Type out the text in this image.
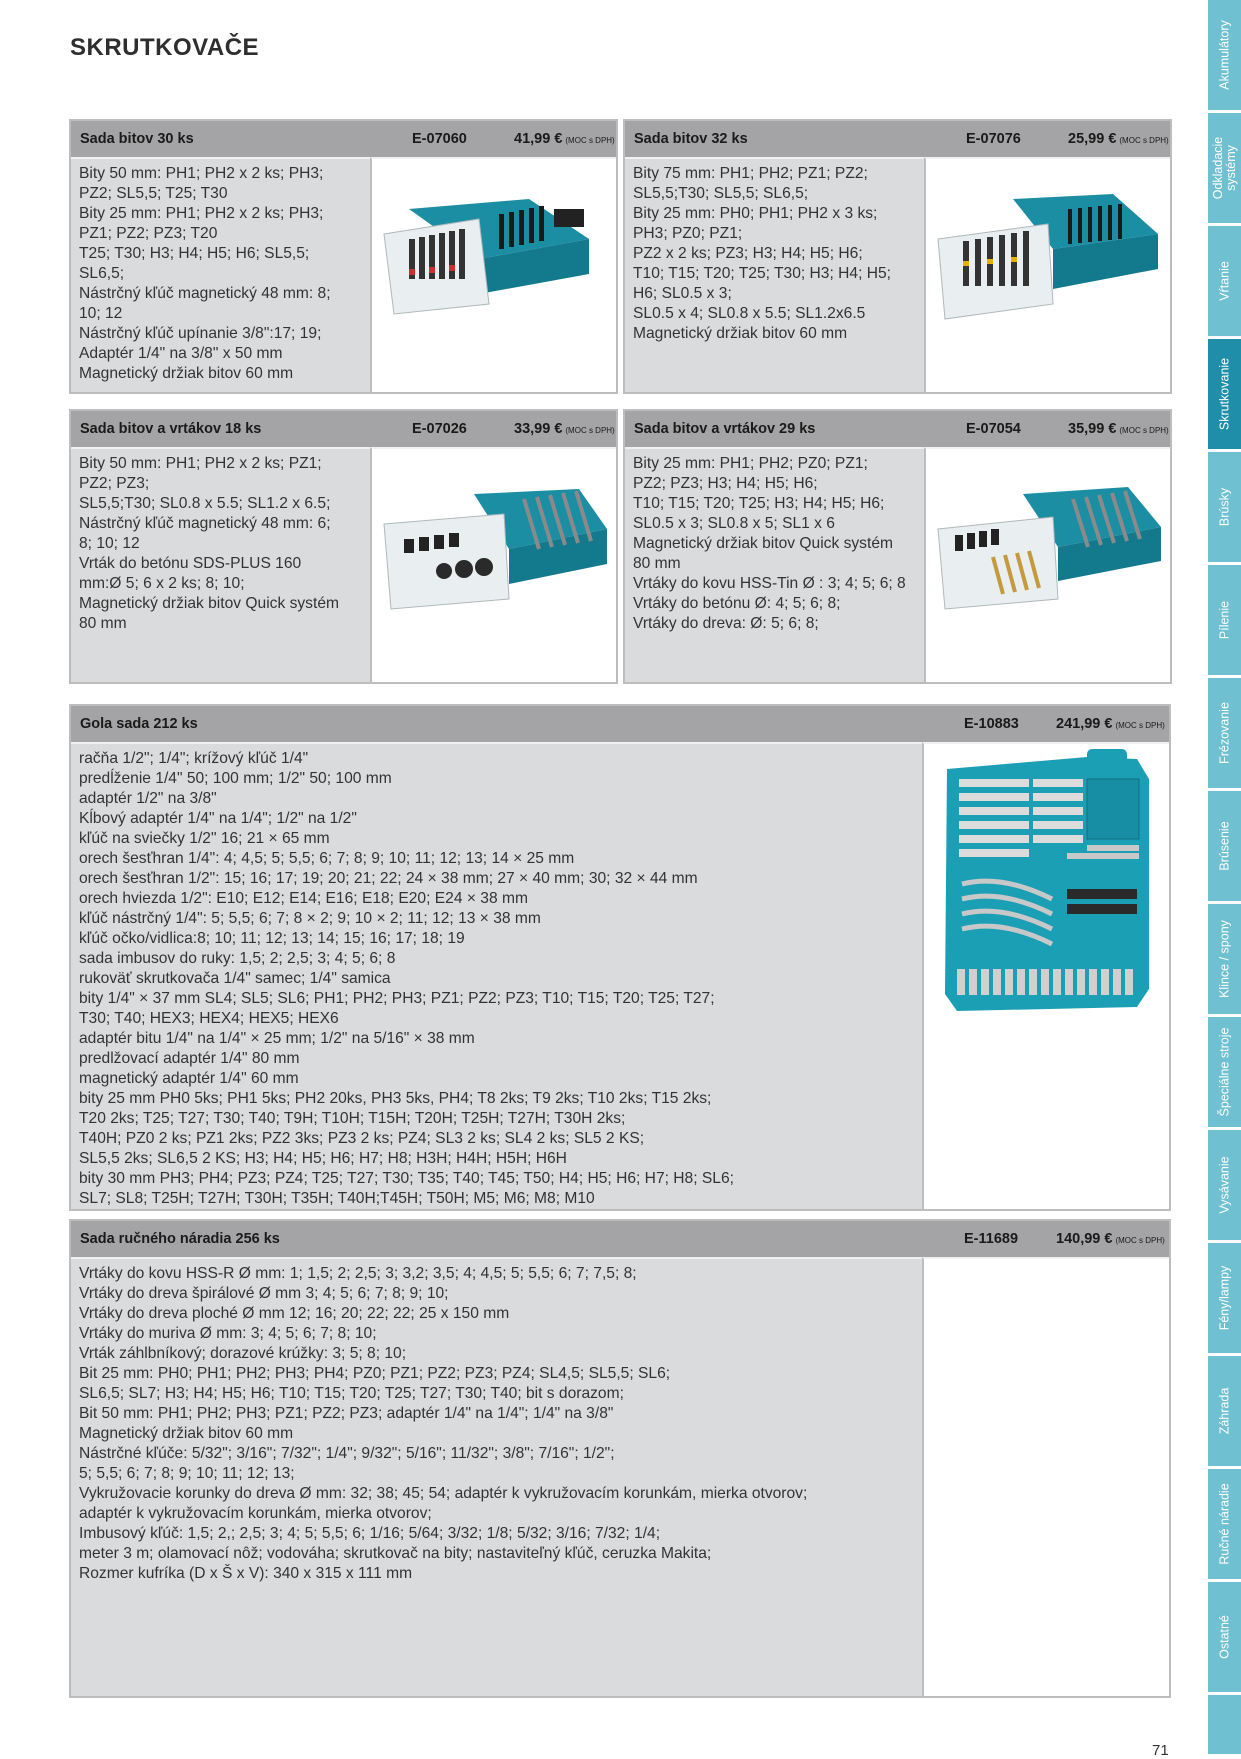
SKRUTKOVAČE
Sada bitov 30 ks	E-07060	41,99 € (MOC s DPH)
Bity 50 mm: PH1; PH2 x 2 ks; PH3;
PZ2; SL5,5; T25; T30
Bity 25 mm: PH1; PH2 x 2 ks; PH3;
PZ1; PZ2; PZ3; T20
T25; T30; H3; H4; H5; H6; SL5,5;
SL6,5;
Nástrčný kľúč magnetický 48 mm: 8;
10; 12
Nástrčný kľúč upínanie 3/8":17; 19;
Adaptér 1/4" na 3/8" x 50 mm
Magnetický držiak bitov 60 mm
Sada bitov 32 ks	E-07076	25,99 € (MOC s DPH)
Bity 75 mm: PH1; PH2; PZ1; PZ2;
SL5,5;T30; SL5,5; SL6,5;
Bity 25 mm: PH0; PH1; PH2 x 3 ks;
PH3; PZ0; PZ1;
PZ2 x 2 ks; PZ3; H3; H4; H5; H6;
T10; T15; T20; T25; T30; H3; H4; H5;
H6; SL0.5 x 3;
SL0.5 x 4; SL0.8 x 5.5; SL1.2x6.5
Magnetický držiak bitov 60 mm
Sada bitov a vrtákov 18 ks	E-07026	33,99 € (MOC s DPH)
Bity 50 mm: PH1; PH2 x 2 ks; PZ1;
PZ2; PZ3;
SL5,5;T30; SL0.8 x 5.5; SL1.2 x 6.5;
Nástrčný kľúč magnetický 48 mm: 6;
8; 10; 12
Vrták do betónu SDS-PLUS 160
mm:Ø 5; 6 x 2 ks; 8; 10;
Magnetický držiak bitov Quick systém
80 mm
Sada bitov a vrtákov 29 ks	E-07054	35,99 € (MOC s DPH)
Bity 25 mm: PH1; PH2; PZ0; PZ1;
PZ2; PZ3; H3; H4; H5; H6;
T10; T15; T20; T25; H3; H4; H5; H6;
SL0.5 x 3; SL0.8 x 5; SL1 x 6
Magnetický držiak bitov Quick systém
80 mm
Vrtáky do kovu HSS-Tin Ø : 3; 4; 5; 6; 8
Vrtáky do betónu Ø: 4; 5; 6; 8;
Vrtáky do dreva: Ø: 5; 6; 8;
Gola sada 212 ks	E-10883	241,99 € (MOC s DPH)
račňa 1/2"; 1/4"; krížový kľúč 1/4"
predĺženie 1/4" 50; 100 mm; 1/2" 50; 100 mm
adaptér 1/2" na 3/8"
Kĺbový adaptér 1/4" na 1/4"; 1/2" na 1/2"
kľúč na sviečky 1/2" 16; 21 × 65 mm
orech šesťhran 1/4": 4; 4,5; 5; 5,5; 6; 7; 8; 9; 10; 11; 12; 13; 14 × 25 mm
orech šesťhran 1/2": 15; 16; 17; 19; 20; 21; 22; 24 × 38 mm; 27 × 40 mm; 30; 32 × 44 mm
orech hviezda 1/2": E10; E12; E14; E16; E18; E20; E24 × 38 mm
kľúč nástrčný 1/4": 5; 5,5; 6; 7; 8 × 2; 9; 10 × 2; 11; 12; 13 × 38 mm
kľúč očko/vidlica:8; 10; 11; 12; 13; 14; 15; 16; 17; 18; 19
sada imbusov do ruky: 1,5; 2; 2,5; 3; 4; 5; 6; 8
rukoväť skrutkovača 1/4" samec; 1/4" samica
bity 1/4" × 37 mm SL4; SL5; SL6; PH1; PH2; PH3; PZ1; PZ2; PZ3; T10; T15; T20; T25; T27;
T30; T40; HEX3; HEX4; HEX5; HEX6
adaptér bitu 1/4" na 1/4" × 25 mm; 1/2" na 5/16" × 38 mm
predlžovací adaptér 1/4" 80 mm
magnetický adaptér 1/4" 60 mm
bity 25 mm PH0 5ks; PH1 5ks; PH2 20ks, PH3 5ks, PH4; T8 2ks; T9 2ks; T10 2ks; T15 2ks;
T20 2ks; T25; T27; T30; T40; T9H; T10H; T15H; T20H; T25H; T27H; T30H 2ks;
T40H; PZ0 2 ks; PZ1 2ks; PZ2 3ks; PZ3 2 ks; PZ4; SL3 2 ks; SL4 2 ks; SL5 2 KS;
SL5,5 2ks; SL6,5 2 KS; H3; H4; H5; H6; H7; H8; H3H; H4H; H5H; H6H
bity 30 mm PH3; PH4; PZ3; PZ4; T25; T27; T30; T35; T40; T45; T50; H4; H5; H6; H7; H8; SL6;
SL7; SL8; T25H; T27H; T30H; T35H; T40H;T45H; T50H; M5; M6; M8; M10
Sada ručného náradia 256 ks	E-11689	140,99 € (MOC s DPH)
Vrtáky do kovu HSS-R Ø mm: 1; 1,5; 2; 2,5; 3; 3,2; 3,5; 4; 4,5; 5; 5,5; 6; 7; 7,5; 8;
Vrtáky do dreva špirálové Ø mm 3; 4; 5; 6; 7; 8; 9; 10;
Vrtáky do dreva ploché Ø mm 12; 16; 20; 22; 22; 25 x 150 mm
Vrtáky do muriva Ø mm: 3; 4; 5; 6; 7; 8; 10;
Vrták záhlbníkový; dorazové krúžky: 3; 5; 8; 10;
Bit 25 mm: PH0; PH1; PH2; PH3; PH4; PZ0; PZ1; PZ2; PZ3; PZ4; SL4,5; SL5,5; SL6;
SL6,5; SL7; H3; H4; H5; H6; T10; T15; T20; T25; T27; T30; T40; bit s dorazom;
Bit 50 mm: PH1; PH2; PH3; PZ1; PZ2; PZ3; adaptér 1/4" na 1/4"; 1/4" na 3/8"
Magnetický držiak bitov 60 mm
Nástrčné kľúče: 5/32"; 3/16"; 7/32"; 1/4"; 9/32"; 5/16"; 11/32"; 3/8"; 7/16"; 1/2";
5; 5,5; 6; 7; 8; 9; 10; 11; 12; 13;
Vykružovacie korunky do dreva Ø mm: 32; 38; 45; 54; adaptér k vykružovacím korunkám, mierka otvorov;
adaptér k vykružovacím korunkám, mierka otvorov;
Imbusový kľúč: 1,5; 2,; 2,5; 3; 4; 5; 5,5; 6; 1/16; 5/64; 3/32; 1/8; 5/32; 3/16; 7/32; 1/4;
meter 3 m; olamovací nôž; vodováha; skrutkovač na bity; nastaviteľný kľúč, ceruzka Makita;
Rozmer kufríka (D x Š x V): 340 x 315 x 111 mm
Akumulátory
Odkladacie systémy
Vŕtanie
Skrutkovanie
Brúsky
Pílenie
Frézovanie
Brúsenie
Klince / spony
Špeciálne stroje
Vysávanie
Fény/lampy
Záhrada
Ručné náradie
Ostatné
71
